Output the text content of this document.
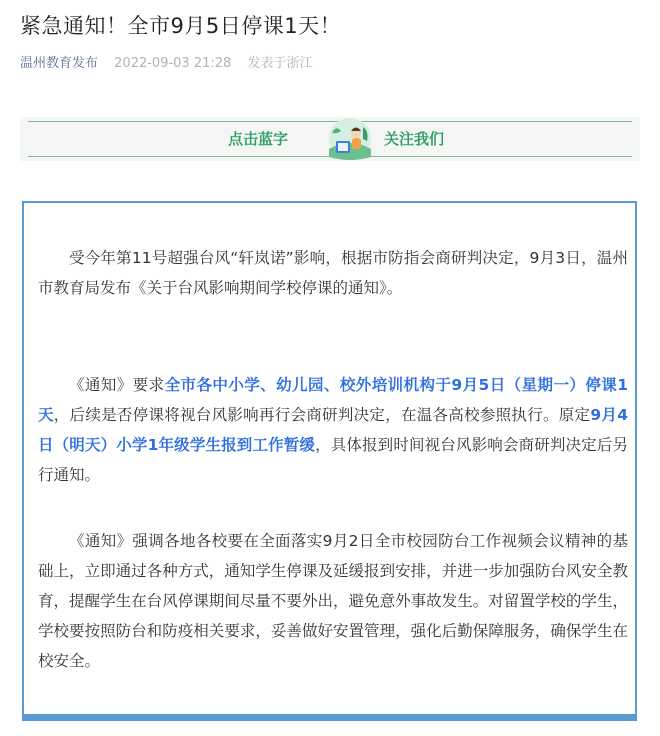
紧急通知！全市9月5日停课1天！
温州教育发布 2022-09-03 21:28 发表于浙江
点击蓝字	关注我们

受今年第11号超强台风“轩岚诺”影响，根据市防指会商研判决定，9月3日，温州市教育局发布《关于台风影响期间学校停课的通知》。

《通知》要求全市各中小学、幼儿园、校外培训机构于9月5日（星期一）停课1天，后续是否停课将视台风影响再行会商研判决定，在温各高校参照执行。原定9月4日（明天）小学1年级学生报到工作暂缓，具体报到时间视台风影响会商研判决定后另行通知。

《通知》强调各地各校要在全面落实9月2日全市校园防台工作视频会议精神的基础上，立即通过各种方式，通知学生停课及延缓报到安排，并进一步加强防台风安全教育，提醒学生在台风停课期间尽量不要外出，避免意外事故发生。对留置学校的学生，学校要按照防台和防疫相关要求，妥善做好安置管理，强化后勤保障服务，确保学生在校安全。
